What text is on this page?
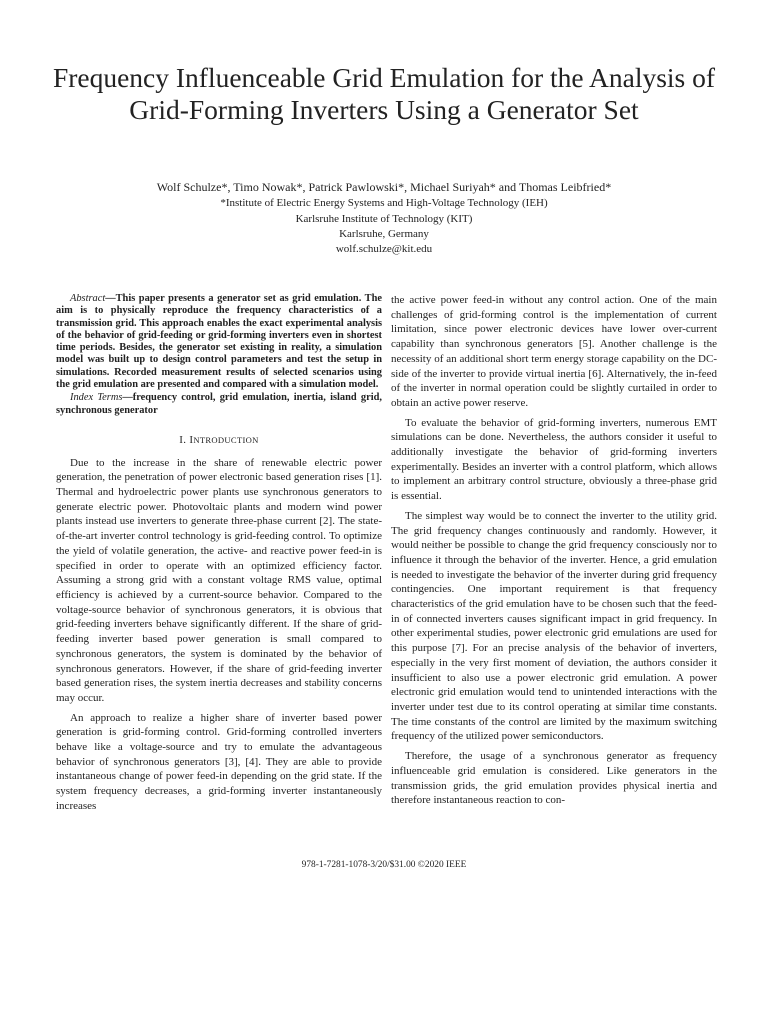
Frequency Influenceable Grid Emulation for the Analysis of Grid-Forming Inverters Using a Generator Set
Wolf Schulze*, Timo Nowak*, Patrick Pawlowski*, Michael Suriyah* and Thomas Leibfried*
*Institute of Electric Energy Systems and High-Voltage Technology (IEH)
Karlsruhe Institute of Technology (KIT)
Karlsruhe, Germany
wolf.schulze@kit.edu

Abstract—This paper presents a generator set as grid emulation. The aim is to physically reproduce the frequency characteristics of a transmission grid. This approach enables the exact experimental analysis of the behavior of grid-feeding or grid-forming inverters even in shortest time periods. Besides, the generator set existing in reality, a simulation model was built up to design control parameters and test the setup in simulations. Recorded measurement results of selected scenarios using the grid emulation are presented and compared with a simulation model.

Index Terms—frequency control, grid emulation, inertia, island grid, synchronous generator

I. INTRODUCTION

Due to the increase in the share of renewable electric power generation, the penetration of power electronic based generation rises [1]. Thermal and hydroelectric power plants use synchronous generators to generate electric power. Photovoltaic plants and modern wind power plants instead use inverters to generate three-phase current [2]. The state-of-the-art inverter control technology is grid-feeding control. To optimize the yield of volatile generation, the active- and reactive power feed-in is specified in order to operate with an optimized efficiency factor. Assuming a strong grid with a constant voltage RMS value, optimal efficiency is achieved by a current-source behavior. Compared to the voltage-source behavior of synchronous generators, it is obvious that grid-feeding inverters behave significantly different. If the share of grid-feeding inverter based power generation is small compared to synchronous generators, the system is dominated by the behavior of synchronous generators. However, if the share of grid-feeding inverter based generation rises, the system inertia decreases and stability concerns may occur.

An approach to realize a higher share of inverter based power generation is grid-forming control. Grid-forming controlled inverters behave like a voltage-source and try to emulate the advantageous behavior of synchronous generators [3], [4]. They are able to provide instantaneous change of power feed-in depending on the grid state. If the system frequency decreases, a grid-forming inverter instantaneously increases

the active power feed-in without any control action. One of the main challenges of grid-forming control is the implementation of current limitation, since power electronic devices have lower over-current capability than synchronous generators [5]. Another challenge is the necessity of an additional short term energy storage capability on the DC-side of the inverter to provide virtual inertia [6]. Alternatively, the in-feed of the inverter in normal operation could be slightly curtailed in order to obtain an active power reserve.

To evaluate the behavior of grid-forming inverters, numerous EMT simulations can be done. Nevertheless, the authors consider it useful to additionally investigate the behavior of grid-forming inverters experimentally. Besides an inverter with a control platform, which allows to implement an arbitrary control structure, obviously a three-phase grid is essential.

The simplest way would be to connect the inverter to the utility grid. The grid frequency changes continuously and randomly. However, it would neither be possible to change the grid frequency consciously nor to influence it through the behavior of the inverter. Hence, a grid emulation is needed to investigate the behavior of the inverter during grid frequency contingencies. One important requirement is that frequency characteristics of the grid emulation have to be chosen such that the feed-in of connected inverters causes significant impact in grid frequency. In other experimental studies, power electronic grid emulations are used for this purpose [7]. For an precise analysis of the behavior of inverters, especially in the very first moment of deviation, the authors consider it insufficient to also use a power electronic grid emulation. A power electronic grid emulation would tend to unintended interactions with the inverter under test due to its control operating at similar time constants. The time constants of the control are limited by the maximum switching frequency of the utilized power semiconductors.

Therefore, the usage of a synchronous generator as frequency influenceable grid emulation is considered. Like generators in the transmission grids, the grid emulation provides physical inertia and therefore instantaneous reaction to con-

978-1-7281-1078-3/20/$31.00 ©2020 IEEE
